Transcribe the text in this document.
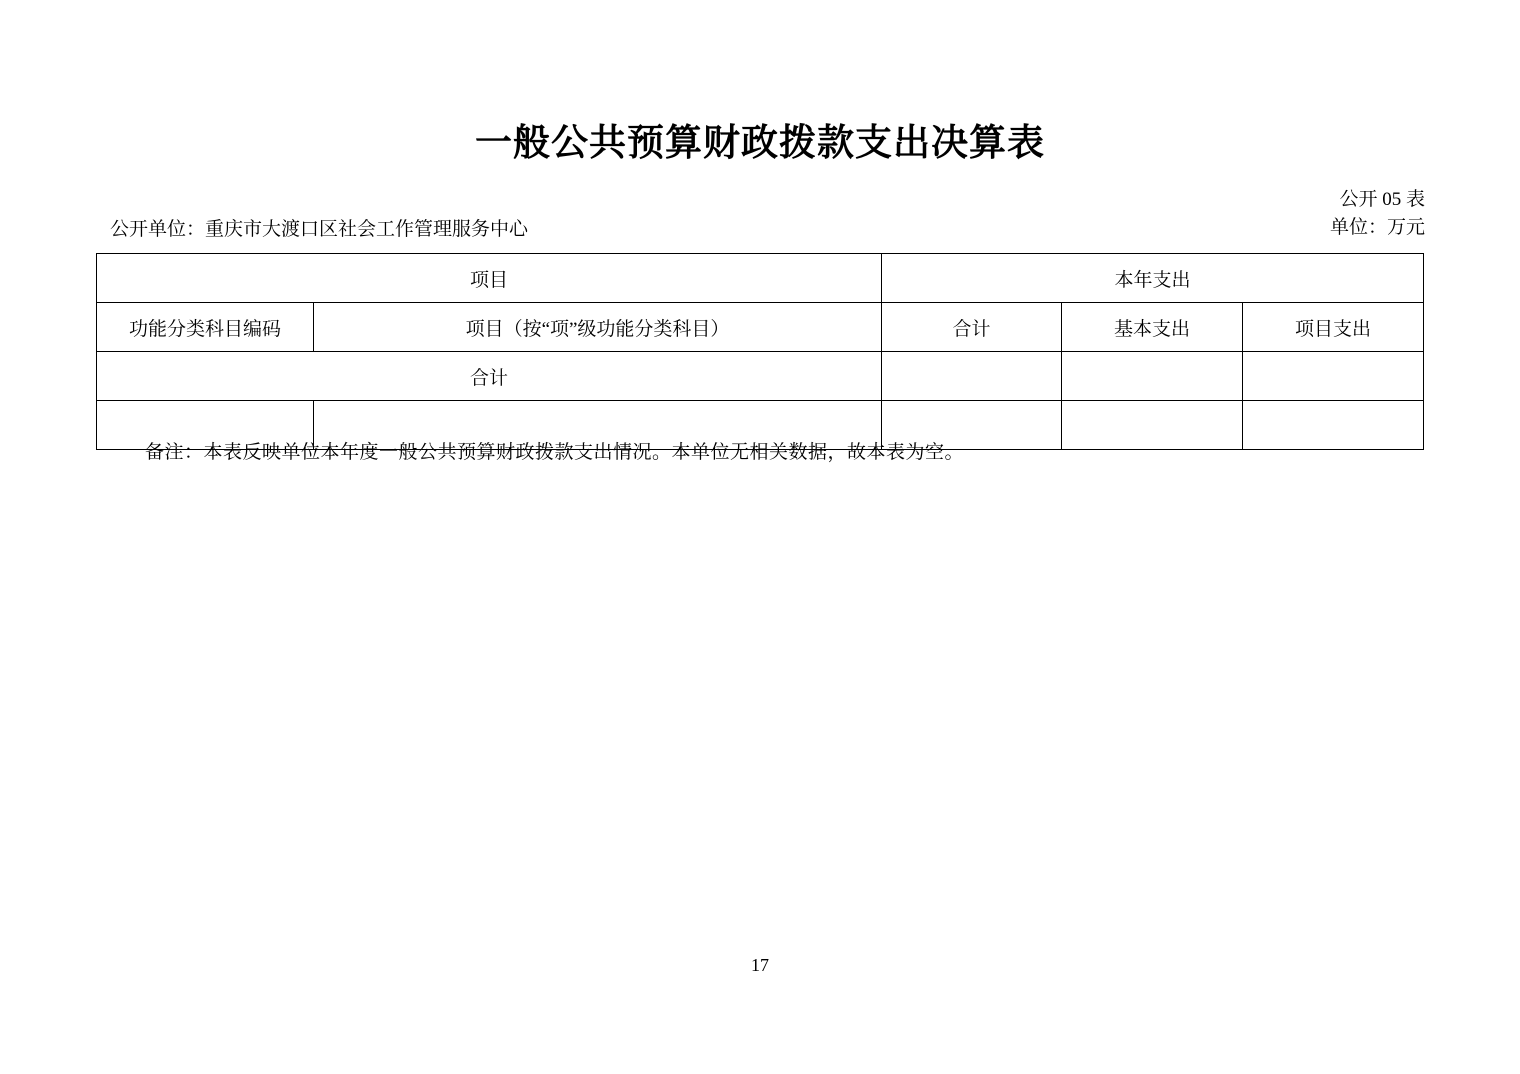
一般公共预算财政拨款支出决算表
公开 05 表
单位：万元
公开单位：重庆市大渡口区社会工作管理服务中心
项目		本年支出		
功能分类科目编码	项目（按“项”级功能分类科目）	合计	基本支出	项目支出
合计				

备注：本表反映单位本年度一般公共预算财政拨款支出情况。本单位无相关数据，故本表为空。
17
